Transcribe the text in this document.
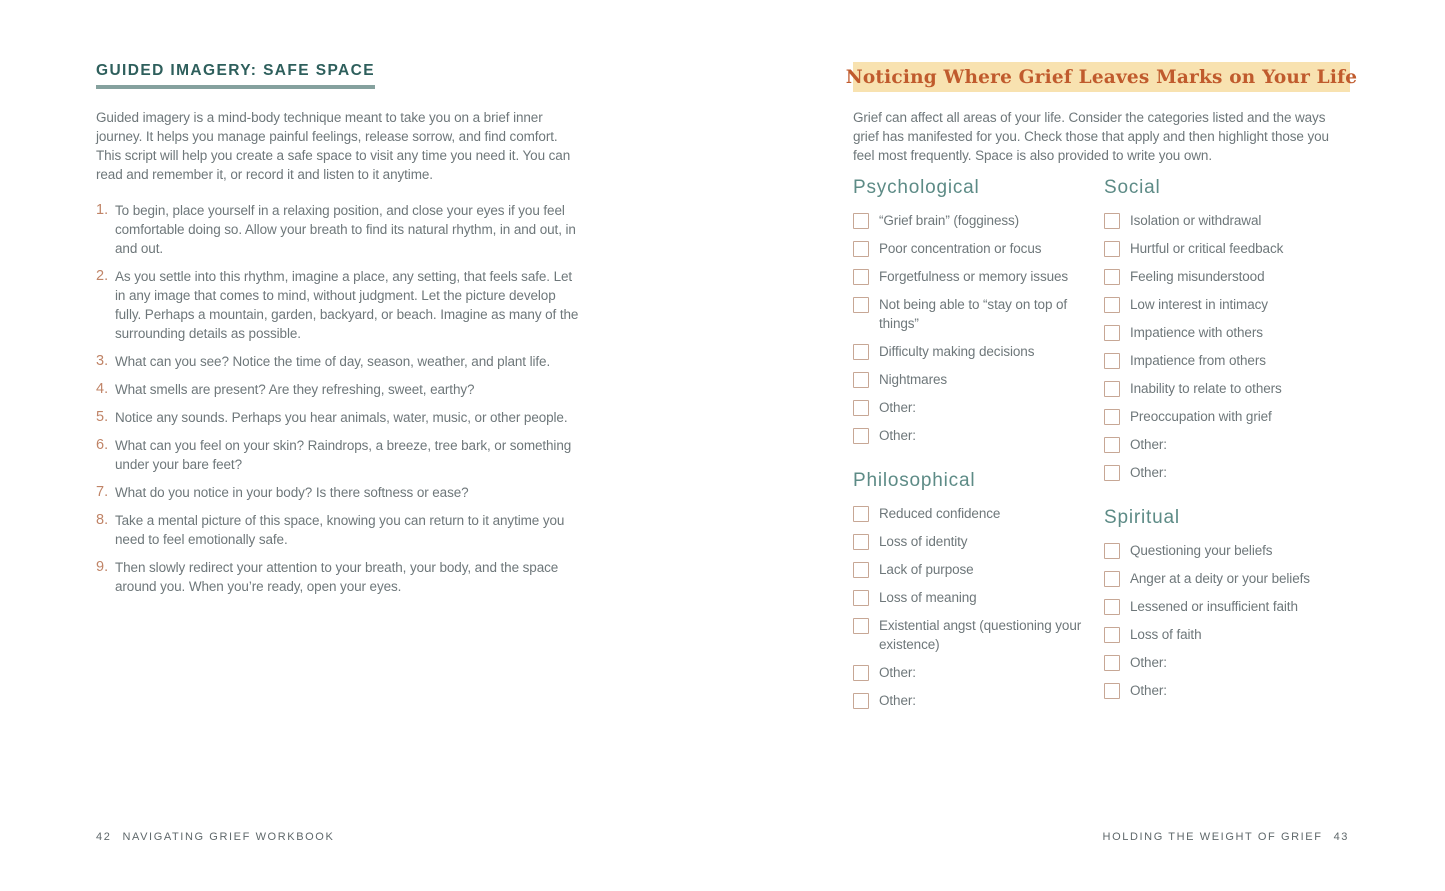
GUIDED IMAGERY: SAFE SPACE

Guided imagery is a mind-body technique meant to take you on a brief inner journey. It helps you manage painful feelings, release sorrow, and find comfort. This script will help you create a safe space to visit any time you need it. You can read and remember it, or record it and listen to it anytime.

1. To begin, place yourself in a relaxing position, and close your eyes if you feel comfortable doing so. Allow your breath to find its natural rhythm, in and out, in and out.
2. As you settle into this rhythm, imagine a place, any setting, that feels safe. Let in any image that comes to mind, without judgment. Let the picture develop fully. Perhaps a mountain, garden, backyard, or beach. Imagine as many of the surrounding details as possible.
3. What can you see? Notice the time of day, season, weather, and plant life.
4. What smells are present? Are they refreshing, sweet, earthy?
5. Notice any sounds. Perhaps you hear animals, water, music, or other people.
6. What can you feel on your skin? Raindrops, a breeze, tree bark, or something under your bare feet?
7. What do you notice in your body? Is there softness or ease?
8. Take a mental picture of this space, knowing you can return to it anytime you need to feel emotionally safe.
9. Then slowly redirect your attention to your breath, your body, and the space around you. When you’re ready, open your eyes.
Noticing Where Grief Leaves Marks on Your Life

Grief can affect all areas of your life. Consider the categories listed and the ways grief has manifested for you. Check those that apply and then highlight those you feel most frequently. Space is also provided to write you own.

Psychological
“Grief brain” (fogginess)
Poor concentration or focus
Forgetfulness or memory issues
Not being able to “stay on top of things”
Difficulty making decisions
Nightmares
Other:
Other:
Philosophical
Reduced confidence
Loss of identity
Lack of purpose
Loss of meaning
Existential angst (questioning your existence)
Other:
Other:
Social
Isolation or withdrawal
Hurtful or critical feedback
Feeling misunderstood
Low interest in intimacy
Impatience with others
Impatience from others
Inability to relate to others
Preoccupation with grief
Other:
Other:
Spiritual
Questioning your beliefs
Anger at a deity or your beliefs
Lessened or insufficient faith
Loss of faith
Other:
Other:
42 NAVIGATING GRIEF WORKBOOK	HOLDING THE WEIGHT OF GRIEF 43
